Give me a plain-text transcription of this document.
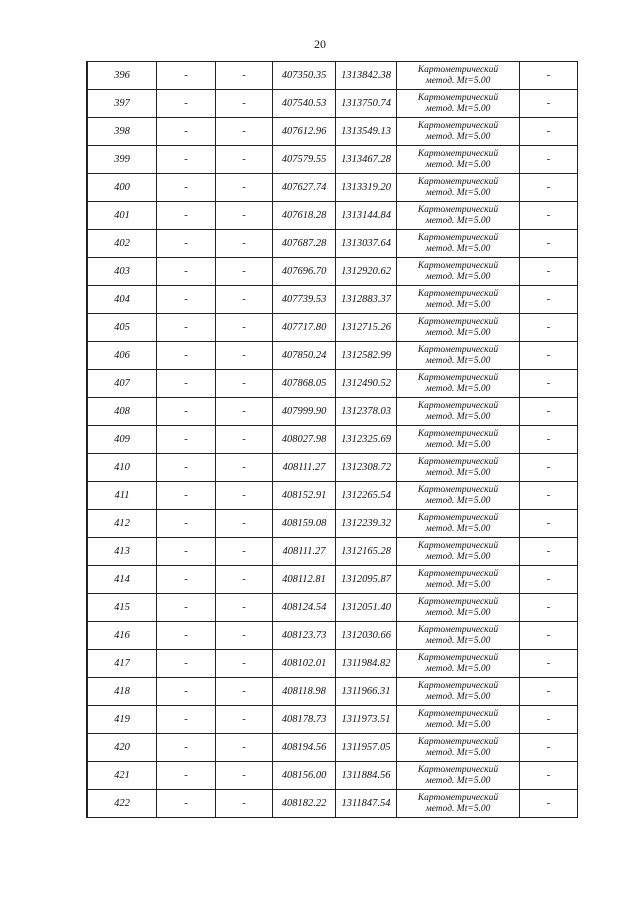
20
396	-	-	407350.35	1313842.38	Картометрический
метод. Mt=5.00	-
397	-	-	407540.53	1313750.74	Картометрический
метод. Mt=5.00	-
398	-	-	407612.96	1313549.13	Картометрический
метод. Mt=5.00	-
399	-	-	407579.55	1313467.28	Картометрический
метод. Mt=5.00	-
400	-	-	407627.74	1313319.20	Картометрический
метод. Mt=5.00	-
401	-	-	407618.28	1313144.84	Картометрический
метод. Mt=5.00	-
402	-	-	407687.28	1313037.64	Картометрический
метод. Mt=5.00	-
403	-	-	407696.70	1312920.62	Картометрический
метод. Mt=5.00	-
404	-	-	407739.53	1312883.37	Картометрический
метод. Mt=5.00	-
405	-	-	407717.80	1312715.26	Картометрический
метод. Mt=5.00	-
406	-	-	407850.24	1312582.99	Картометрический
метод. Mt=5.00	-
407	-	-	407868.05	1312490.52	Картометрический
метод. Mt=5.00	-
408	-	-	407999.90	1312378.03	Картометрический
метод. Mt=5.00	-
409	-	-	408027.98	1312325.69	Картометрический
метод. Mt=5.00	-
410	-	-	408111.27	1312308.72	Картометрический
метод. Mt=5.00	-
411	-	-	408152.91	1312265.54	Картометрический
метод. Mt=5.00	-
412	-	-	408159.08	1312239.32	Картометрический
метод. Mt=5.00	-
413	-	-	408111.27	1312165.28	Картометрический
метод. Mt=5.00	-
414	-	-	408112.81	1312095.87	Картометрический
метод. Mt=5.00	-
415	-	-	408124.54	1312051.40	Картометрический
метод. Mt=5.00	-
416	-	-	408123.73	1312030.66	Картометрический
метод. Mt=5.00	-
417	-	-	408102.01	1311984.82	Картометрический
метод. Mt=5.00	-
418	-	-	408118.98	1311966.31	Картометрический
метод. Mt=5.00	-
419	-	-	408178.73	1311973.51	Картометрический
метод. Mt=5.00	-
420	-	-	408194.56	1311957.05	Картометрический
метод. Mt=5.00	-
421	-	-	408156.00	1311884.56	Картометрический
метод. Mt=5.00	-
422	-	-	408182.22	1311847.54	Картометрический
метод. Mt=5.00	-
